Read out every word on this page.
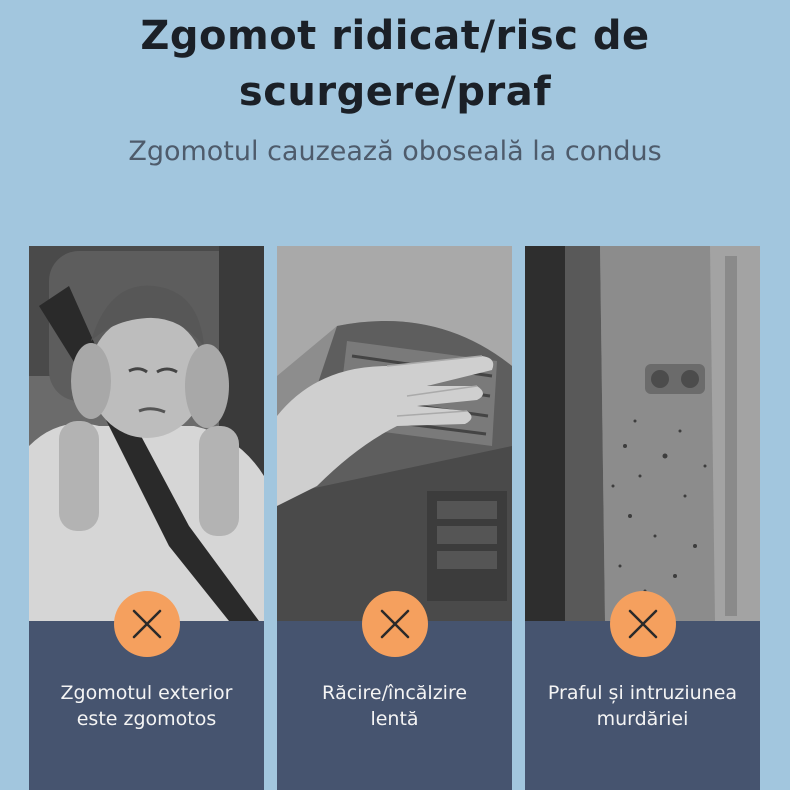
Zgomot ridicat/risc de
scurgere/praf
Zgomotul cauzează oboseală la condus
Zgomotul exterior
este zgomotos
Răcire/încălzire
lentă
Praful și intruziunea
murdăriei
